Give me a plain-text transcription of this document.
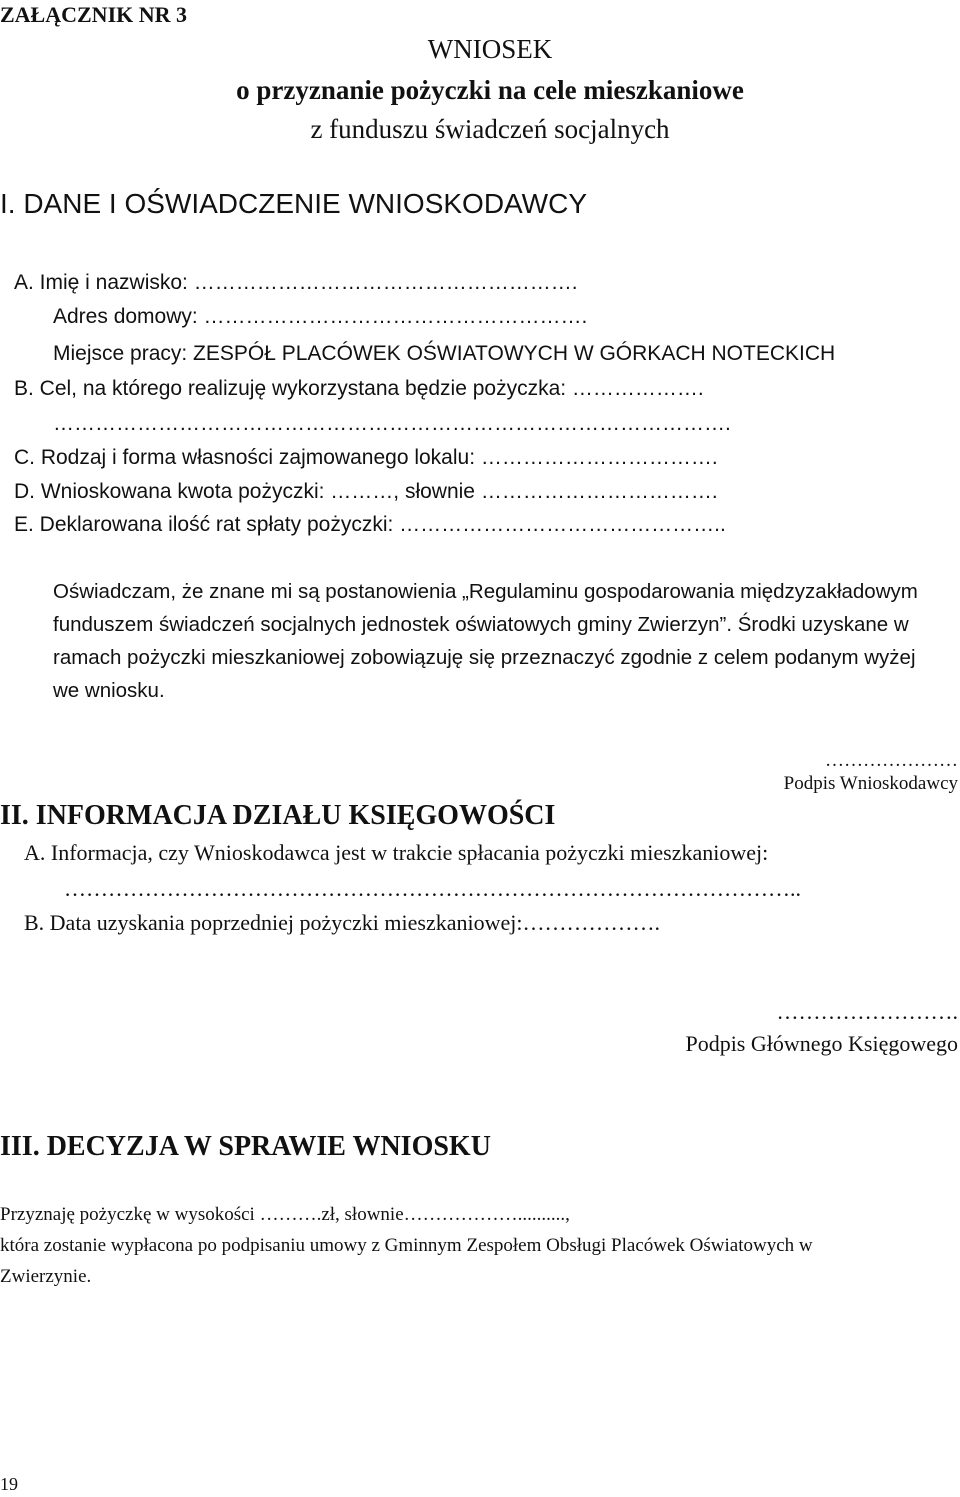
ZAŁĄCZNIK NR 3
WNIOSEK
o przyznanie pożyczki na cele mieszkaniowe
z funduszu świadczeń socjalnych
I. DANE I OŚWIADCZENIE WNIOSKODAWCY
A. Imię i nazwisko: ……………………………………………….
Adres domowy: ……………………………………………….
Miejsce pracy: ZESPÓŁ PLACÓWEK OŚWIATOWYCH W GÓRKACH NOTECKICH
B. Cel, na którego realizuję wykorzystana będzie pożyczka: ……………….
…………………………………………………………………………………….
C. Rodzaj i forma własności zajmowanego lokalu: …………………………….
D. Wnioskowana kwota pożyczki: ………, słownie …………………………….
E. Deklarowana ilość rat spłaty pożyczki: ………………………………………..
Oświadczam, że znane mi są postanowienia „Regulaminu gospodarowania międzyzakładowym funduszem świadczeń socjalnych jednostek oświatowych gminy Zwierzyn”. Środki uzyskane w ramach pożyczki mieszkaniowej zobowiązuję się przeznaczyć zgodnie z celem podanym wyżej we wniosku.
…………………
Podpis Wnioskodawcy
II. INFORMACJA DZIAŁU KSIĘGOWOŚCI
A. Informacja, czy Wnioskodawca jest w trakcie spłacania pożyczki mieszkaniowej:
………………………………………………………………………………………..
B. Data uzyskania poprzedniej pożyczki mieszkaniowej:……………….
…………………….
Podpis Głównego Księgowego
III. DECYZJA W SPRAWIE WNIOSKU
Przyznaję pożyczkę w wysokości ……….zł, słownie………………..........,
która zostanie wypłacona po podpisaniu umowy z Gminnym Zespołem Obsługi Placówek Oświatowych w Zwierzynie.
19
